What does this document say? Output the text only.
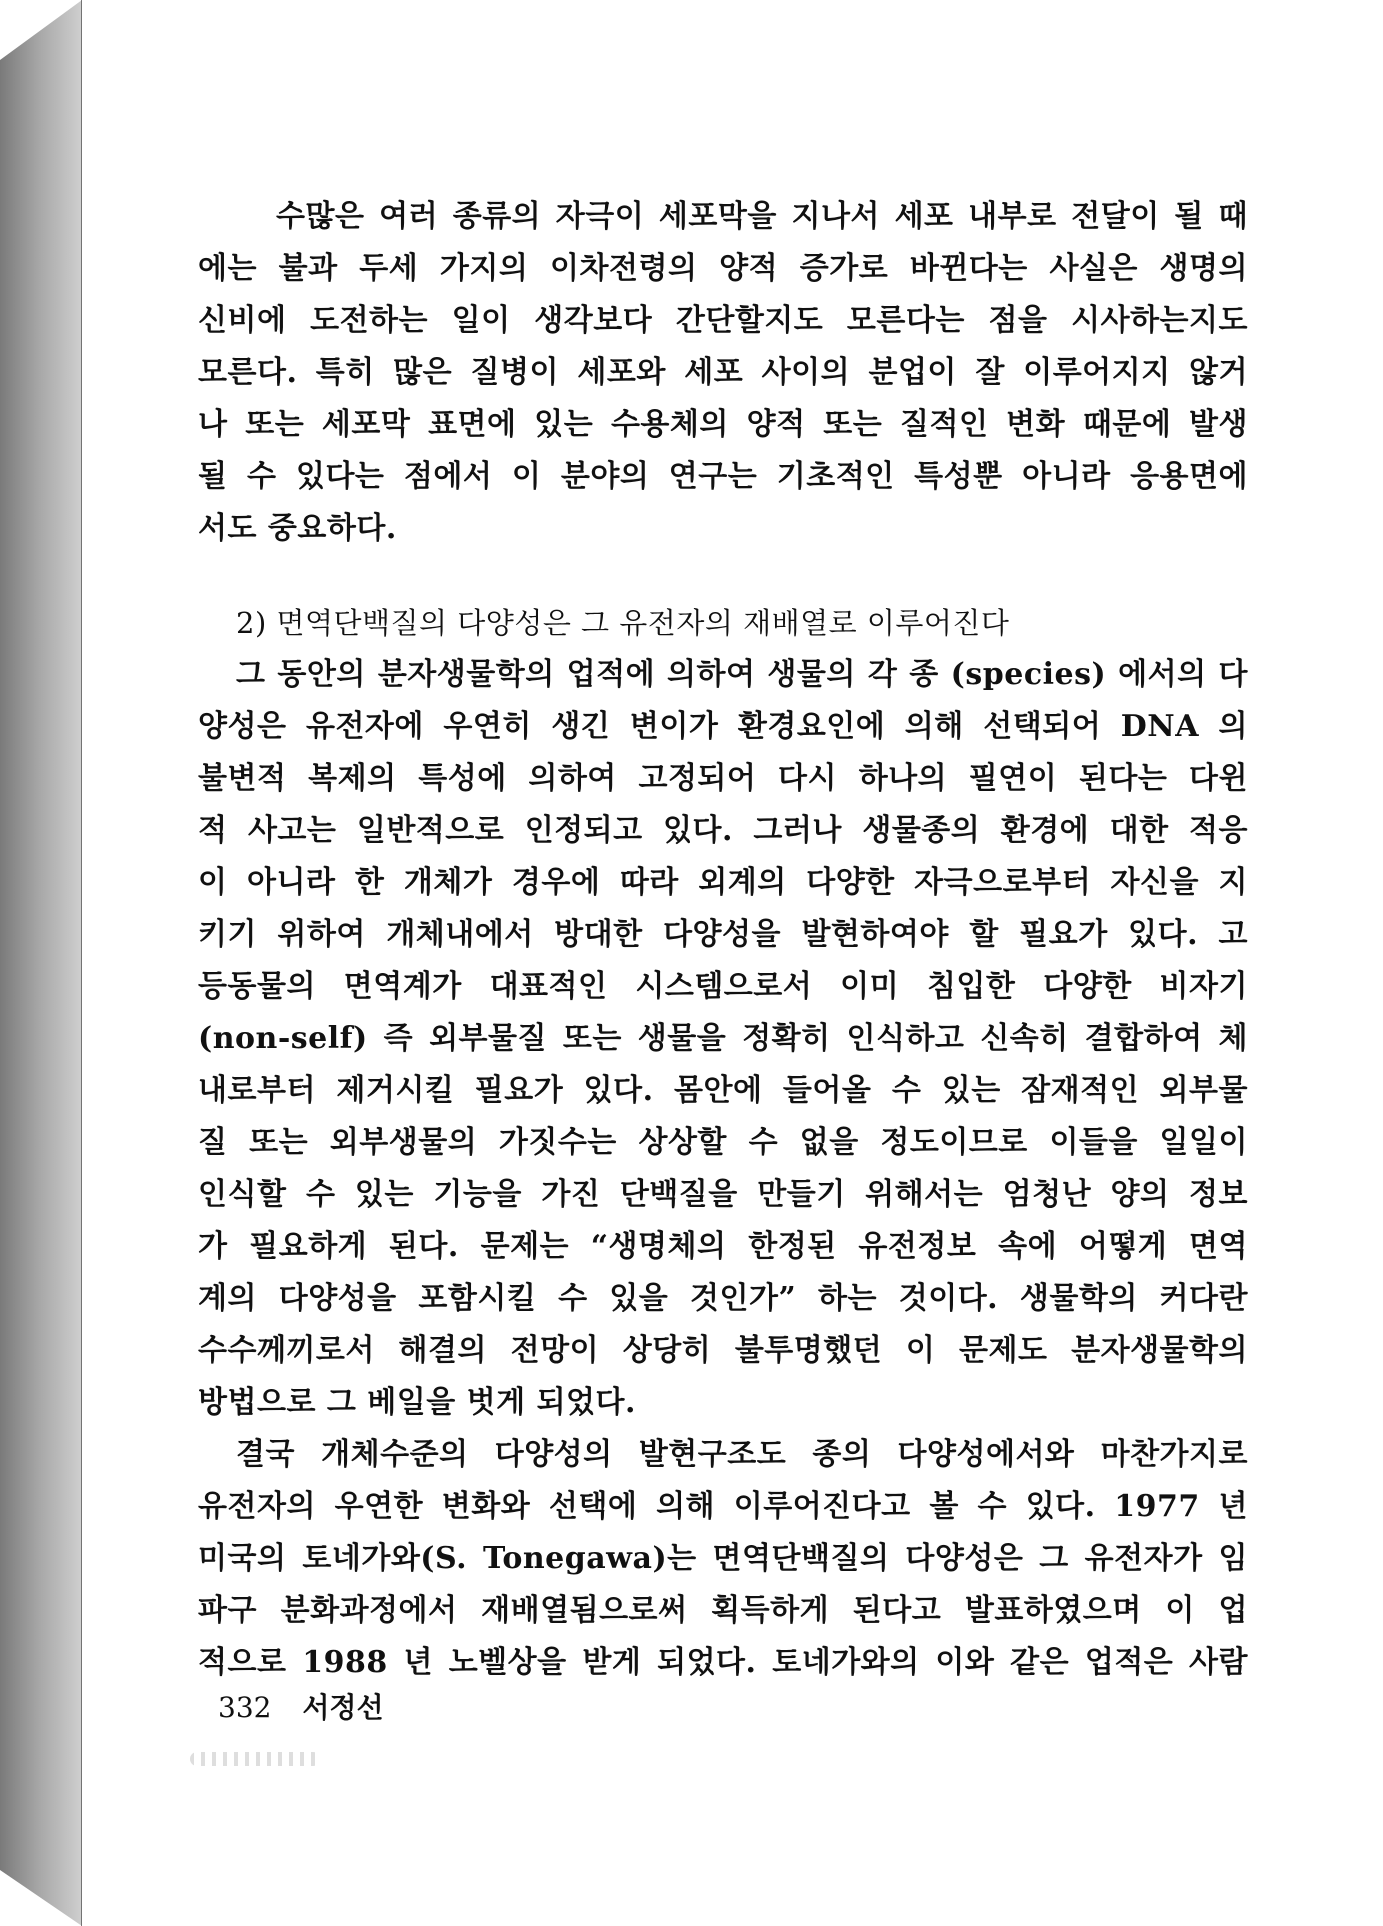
수많은 여러 종류의 자극이 세포막을 지나서 세포 내부로 전달이 될 때
에는 불과 두세 가지의 이차전령의 양적 증가로 바뀐다는 사실은 생명의
신비에 도전하는 일이 생각보다 간단할지도 모른다는 점을 시사하는지도
모른다. 특히 많은 질병이 세포와 세포 사이의 분업이 잘 이루어지지 않거
나 또는 세포막 표면에 있는 수용체의 양적 또는 질적인 변화 때문에 발생
될 수 있다는 점에서 이 분야의 연구는 기초적인 특성뿐 아니라 응용면에
서도 중요하다.
2) 면역단백질의 다양성은 그 유전자의 재배열로 이루어진다
그 동안의 분자생물학의 업적에 의하여 생물의 각 종 (species) 에서의 다
양성은 유전자에 우연히 생긴 변이가 환경요인에 의해 선택되어 DNA 의
불변적 복제의 특성에 의하여 고정되어 다시 하나의 필연이 된다는 다윈
적 사고는 일반적으로 인정되고 있다. 그러나 생물종의 환경에 대한 적응
이 아니라 한 개체가 경우에 따라 외계의 다양한 자극으로부터 자신을 지
키기 위하여 개체내에서 방대한 다양성을 발현하여야 할 필요가 있다. 고
등동물의 면역계가 대표적인 시스템으로서 이미 침입한 다양한 비자기
(non-self) 즉 외부물질 또는 생물을 정확히 인식하고 신속히 결합하여 체
내로부터 제거시킬 필요가 있다. 몸안에 들어올 수 있는 잠재적인 외부물
질 또는 외부생물의 가짓수는 상상할 수 없을 정도이므로 이들을 일일이
인식할 수 있는 기능을 가진 단백질을 만들기 위해서는 엄청난 양의 정보
가 필요하게 된다. 문제는 “생명체의 한정된 유전정보 속에 어떻게 면역
계의 다양성을 포함시킬 수 있을 것인가” 하는 것이다. 생물학의 커다란
수수께끼로서 해결의 전망이 상당히 불투명했던 이 문제도 분자생물학의
방법으로 그 베일을 벗게 되었다.
결국 개체수준의 다양성의 발현구조도 종의 다양성에서와 마찬가지로
유전자의 우연한 변화와 선택에 의해 이루어진다고 볼 수 있다. 1977 년
미국의 토네가와(S. Tonegawa)는 면역단백질의 다양성은 그 유전자가 임
파구 분화과정에서 재배열됨으로써 획득하게 된다고 발표하였으며 이 업
적으로 1988 년 노벨상을 받게 되었다. 토네가와의 이와 같은 업적은 사람
332 서정선
